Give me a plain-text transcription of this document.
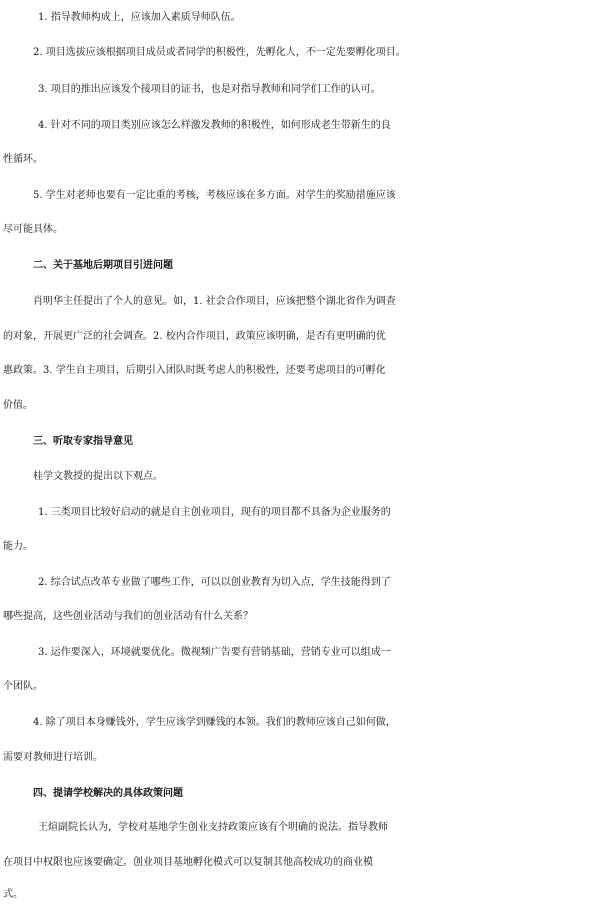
1. 指导教师构成上，应该加入素质导师队伍。
2. 项目选拔应该根据项目成员或者同学的积极性，先孵化人，不一定先要孵化项目。
3. 项目的推出应该发个接项目的证书，也是对指导教师和同学们工作的认可。
4. 针对不同的项目类别应该怎么样激发教师的积极性，如何形成老生带新生的良
性循环。
5. 学生对老师也要有一定比重的考核，考核应该在多方面。对学生的奖励措施应该
尽可能具体。
二、关于基地后期项目引进问题
肖明华主任提出了个人的意见。如，1. 社会合作项目，应该把整个湖北省作为调查
的对象，开展更广泛的社会调查。2. 校内合作项目，政策应该明确，是否有更明确的优
惠政策。3. 学生自主项目，后期引入团队时既考虑人的积极性，还要考虑项目的可孵化
价值。
三、听取专家指导意见
桂学文教授的提出以下观点。
1. 三类项目比较好启动的就是自主创业项目，现有的项目都不具备为企业服务的
能力。
2. 综合试点改革专业做了哪些工作，可以以创业教育为切入点，学生技能得到了
哪些提高，这些创业活动与我们的创业活动有什么关系？
3. 运作要深入，环境就要优化。微视频广告要有营销基础，营销专业可以组成一
个团队。
4. 除了项目本身赚钱外，学生应该学到赚钱的本领。我们的教师应该自己如何做，
需要对教师进行培训。
四、提请学校解决的具体政策问题
王煊副院长认为，学校对基地学生创业支持政策应该有个明确的说法。指导教师
在项目中权限也应该要确定。创业项目基地孵化模式可以复制其他高校成功的商业模
式。
